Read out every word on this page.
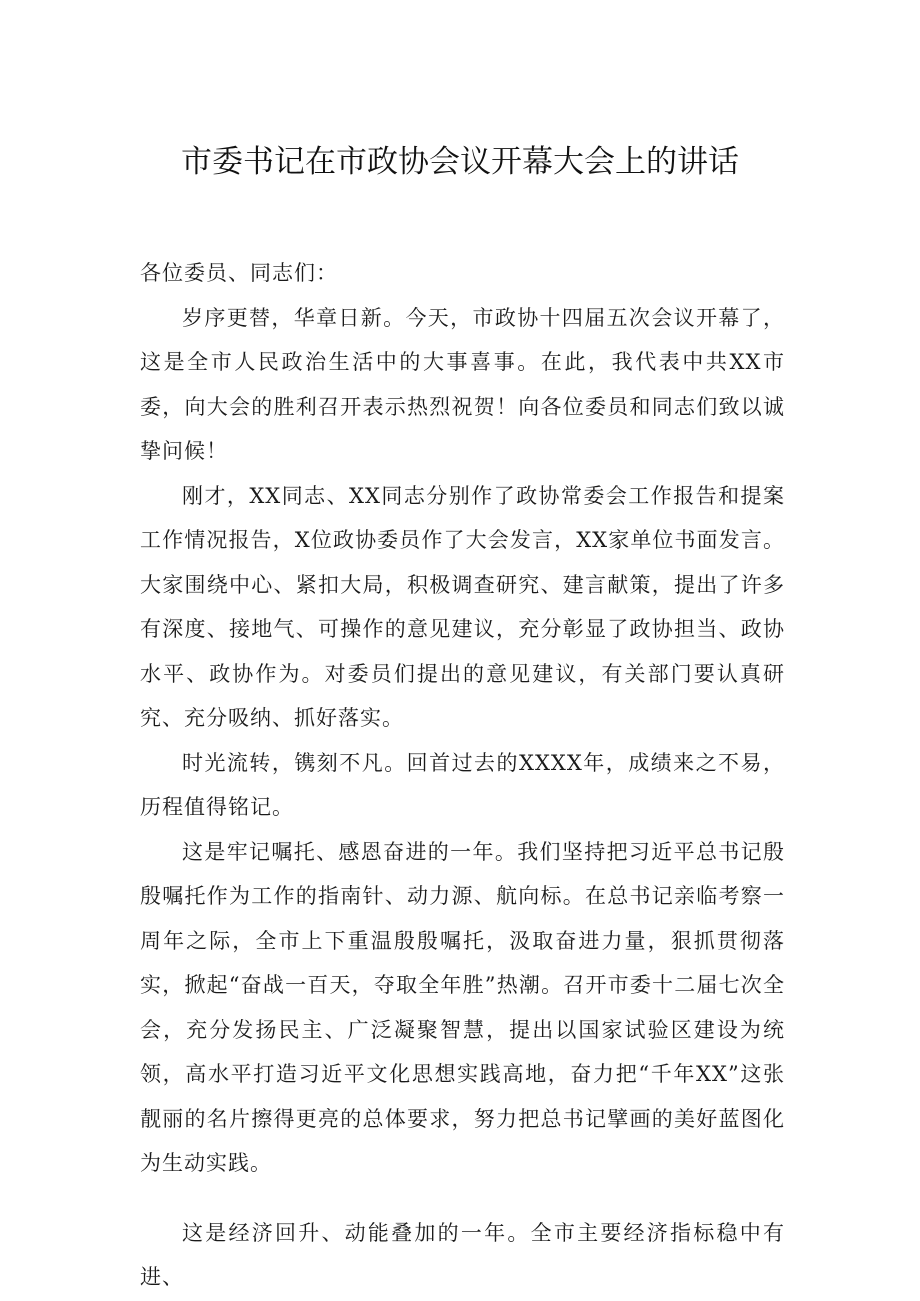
市委书记在市政协会议开幕大会上的讲话

各位委员、同志们：

岁序更替，华章日新。今天，市政协十四届五次会议开幕了，这是全市人民政治生活中的大事喜事。在此，我代表中共XX市委，向大会的胜利召开表示热烈祝贺！向各位委员和同志们致以诚挚问候！

刚才，XX同志、XX同志分别作了政协常委会工作报告和提案工作情况报告，X位政协委员作了大会发言，XX家单位书面发言。大家围绕中心、紧扣大局，积极调查研究、建言献策，提出了许多有深度、接地气、可操作的意见建议，充分彰显了政协担当、政协水平、政协作为。对委员们提出的意见建议，有关部门要认真研究、充分吸纳、抓好落实。

时光流转，镌刻不凡。回首过去的XXXX年，成绩来之不易，历程值得铭记。

这是牢记嘱托、感恩奋进的一年。我们坚持把习近平总书记殷殷嘱托作为工作的指南针、动力源、航向标。在总书记亲临考察一周年之际，全市上下重温殷殷嘱托，汲取奋进力量，狠抓贯彻落实，掀起“奋战一百天，夺取全年胜”热潮。召开市委十二届七次全会，充分发扬民主、广泛凝聚智慧，提出以国家试验区建设为统领，高水平打造习近平文化思想实践高地，奋力把“千年XX”这张靓丽的名片擦得更亮的总体要求，努力把总书记擘画的美好蓝图化为生动实践。

这是经济回升、动能叠加的一年。全市主要经济指标稳中有进、
